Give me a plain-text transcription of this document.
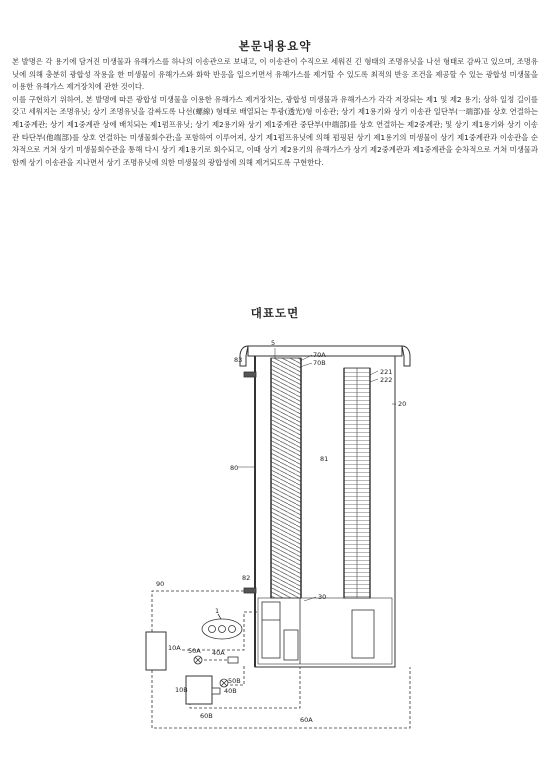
본문내용요약

본 발명은 각 용기에 담겨진 미생물과 유해가스를 하나의 이송관으로 보내고, 이 이송관이 수직으로 세워진 긴 형태의 조명유닛을 나선 형태로 감싸고 있으며, 조명유닛에 의해 충분히 광합성 작용을 한 미생물이 유해가스와 화학 반응을 일으키면서 유해가스를 제거할 수 있도록 최적의 반응 조건을 제공할 수 있는 광합성 미생물을 이용한 유해가스 제거장치에 관한 것이다.

이를 구현하기 위하여, 본 발명에 따른 광합성 미생물을 이용한 유해가스 제거장치는, 광합성 미생물과 유해가스가 각각 저장되는 제1 및 제2 용기; 상하 일정 길이를 갖고 세워지는 조명유닛; 상기 조명유닛을 감싸도록 나선(螺線) 형태로 배열되는 투광(透光)형 이송관; 상기 제1용기와 상기 이송관 일단부(一端部)를 상호 연결하는 제1중계관; 상기 제1중계관 상에 배치되는 제1펌프유닛; 상기 제2용기와 상기 제1중계관 중단부(中端部)를 상호 연결하는 제2중계관; 및 상기 제1용기와 상기 이송관 타단부(他端部)를 상호 연결하는 미생물회수관;을 포함하여 이루어져, 상기 제1펌프유닛에 의해 펌핑된 상기 제1용기의 미생물이 상기 제1중계관과 이송관을 순차적으로 거쳐 상기 미생물회수관을 통해 다시 상기 제1용기로 회수되고, 이때 상기 제2용기의 유해가스가 상기 제2중계관과 제1중계관을 순차적으로 거쳐 미생물과 함께 상기 이송관을 지나면서 상기 조명유닛에 의한 미생물의 광합성에 의해 제거되도록 구현한다.

대표도면
83
5
70A
70B
221
222
20
80
81
82
30
90
1
10A 50A 40A
50B
40B
10B
60B	60A
